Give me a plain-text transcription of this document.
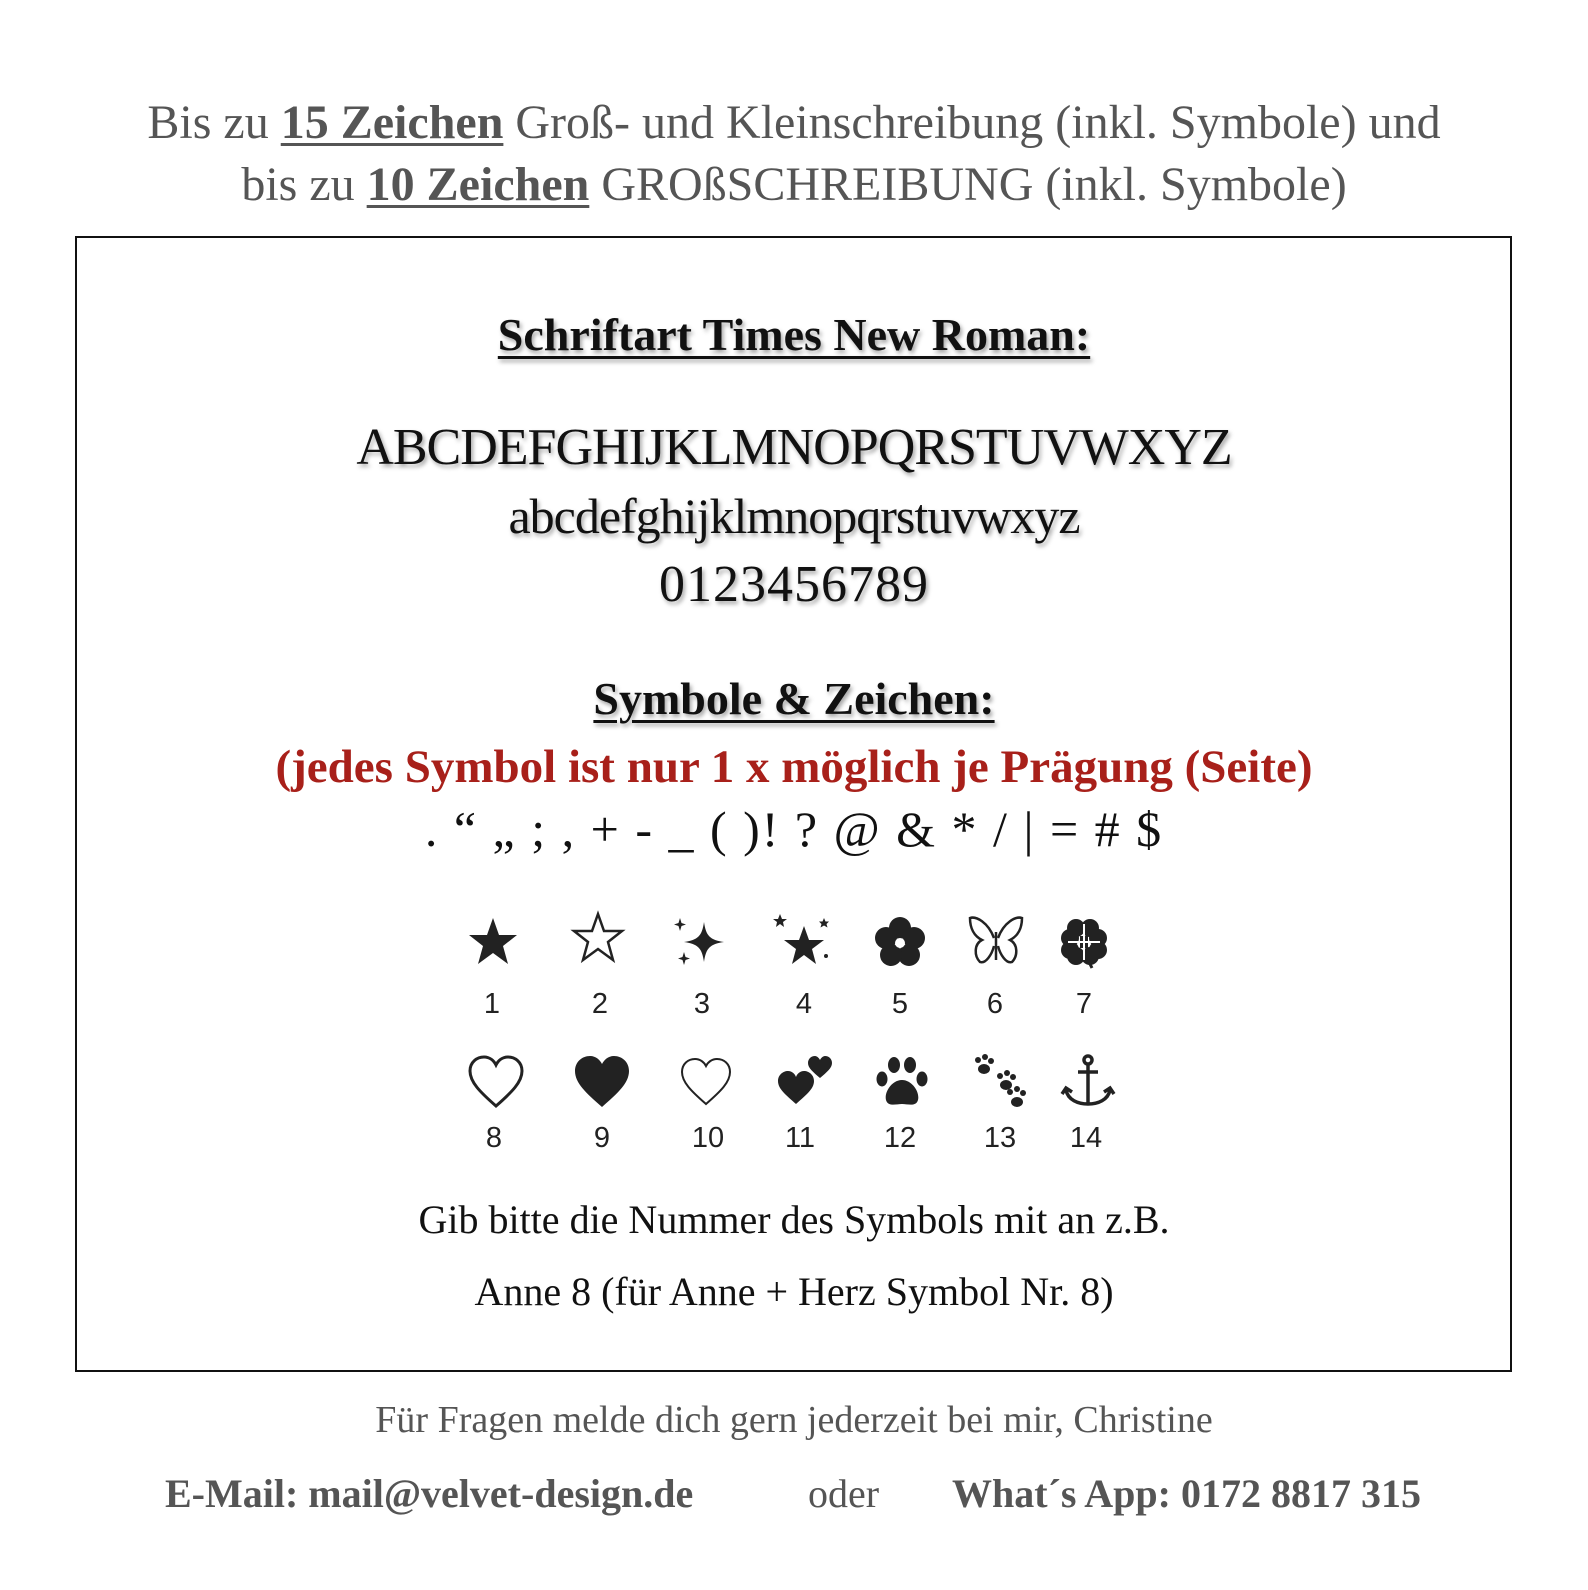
Bis zu 15 Zeichen Groß- und Kleinschreibung (inkl. Symbole) und
bis zu 10 Zeichen GROßSCHREIBUNG (inkl. Symbole)
Schriftart Times New Roman:
ABCDEFGHIJKLMNOPQRSTUVWXYZ
abcdefghijklmnopqrstuvwxyz
0123456789
Symbole & Zeichen:
(jedes Symbol ist nur 1 x möglich je Prägung (Seite)
. “ „ ; , + - _ ( )! ? @ & * / | = # $
1	2	3	4	5	6	7
8	9	10	11	12	13	14
Gib bitte die Nummer des Symbols mit an z.B.
Anne 8 (für Anne + Herz Symbol Nr. 8)
Für Fragen melde dich gern jederzeit bei mir, Christine
E-Mail: mail@velvet-design.de	oder What´s App: 0172 8817 315
